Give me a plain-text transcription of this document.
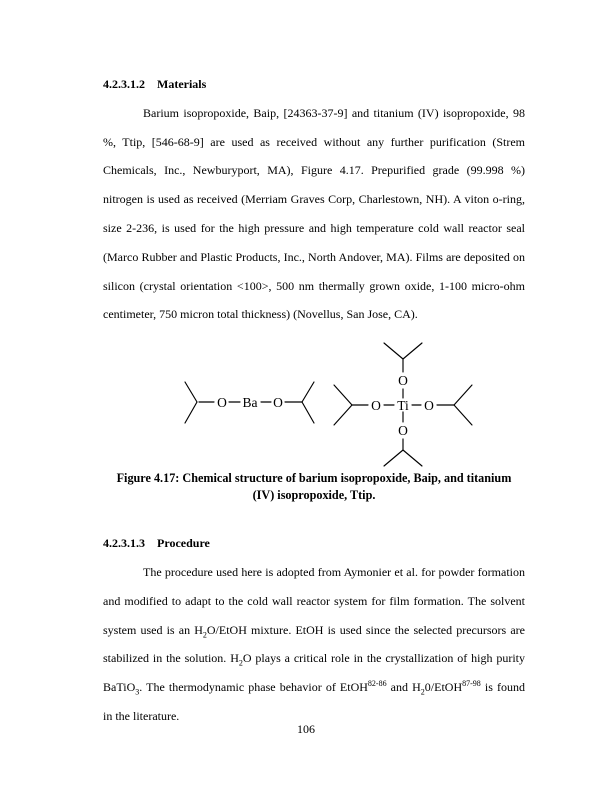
4.2.3.1.2 Materials

Barium isopropoxide, Baip, [24363-37-9] and titanium (IV) isopropoxide, 98 %, Ttip, [546-68-9] are used as received without any further purification (Strem Chemicals, Inc., Newburyport, MA), Figure 4.17. Prepurified grade (99.998 %) nitrogen is used as received (Merriam Graves Corp, Charlestown, NH). A viton o-ring, size 2-236, is used for the high pressure and high temperature cold wall reactor seal (Marco Rubber and Plastic Products, Inc., North Andover, MA). Films are deposited on silicon (crystal orientation <100>, 500 nm thermally grown oxide, 1-100 micro-ohm centimeter, 750 micron total thickness) (Novellus, San Jose, CA).

O Ba O
O
O Ti O
O

Figure 4.17: Chemical structure of barium isopropoxide, Baip, and titanium (IV) isopropoxide, Ttip.

4.2.3.1.3 Procedure

The procedure used here is adopted from Aymonier et al. for powder formation and modified to adapt to the cold wall reactor system for film formation. The solvent system used is an $H_2O$/EtOH mixture. EtOH is used since the selected precursors are stabilized in the solution. $H_2O$ plays a critical role in the crystallization of high purity BaTiO$_3$. The thermodynamic phase behavior of EtOH$^{82-86}$ and $H_20/EtOH^{87-98}$ is found in the literature.

106
